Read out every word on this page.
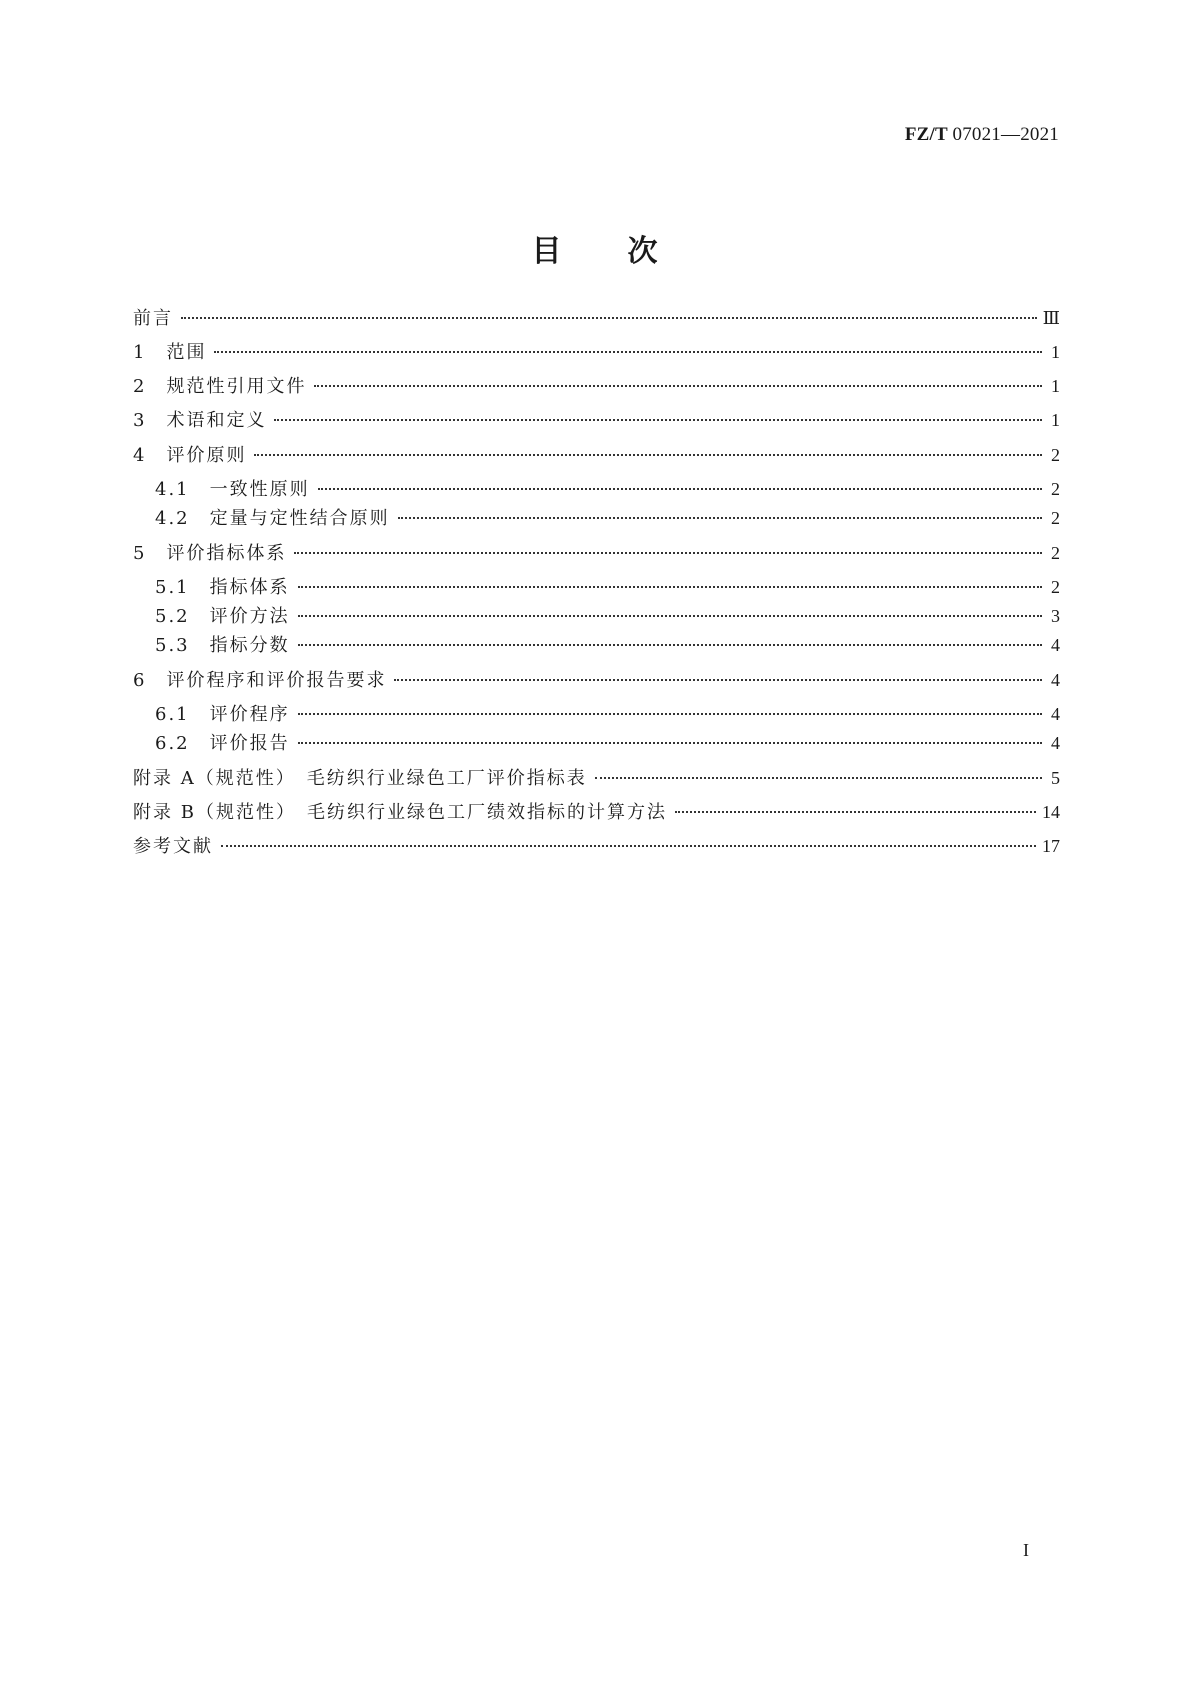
FZ/T 07021—2021
目　　次
前言	Ⅲ
1　范围	1
2　规范性引用文件	1
3　术语和定义	1
4　评价原则	2
4.1　一致性原则	2
4.2　定量与定性结合原则	2
5　评价指标体系	2
5.1　指标体系	2
5.2　评价方法	3
5.3　指标分数	4
6　评价程序和评价报告要求	4
6.1　评价程序	4
6.2　评价报告	4
附录 A（规范性）　毛纺织行业绿色工厂评价指标表	5
附录 B（规范性）　毛纺织行业绿色工厂绩效指标的计算方法	14
参考文献	17
I
